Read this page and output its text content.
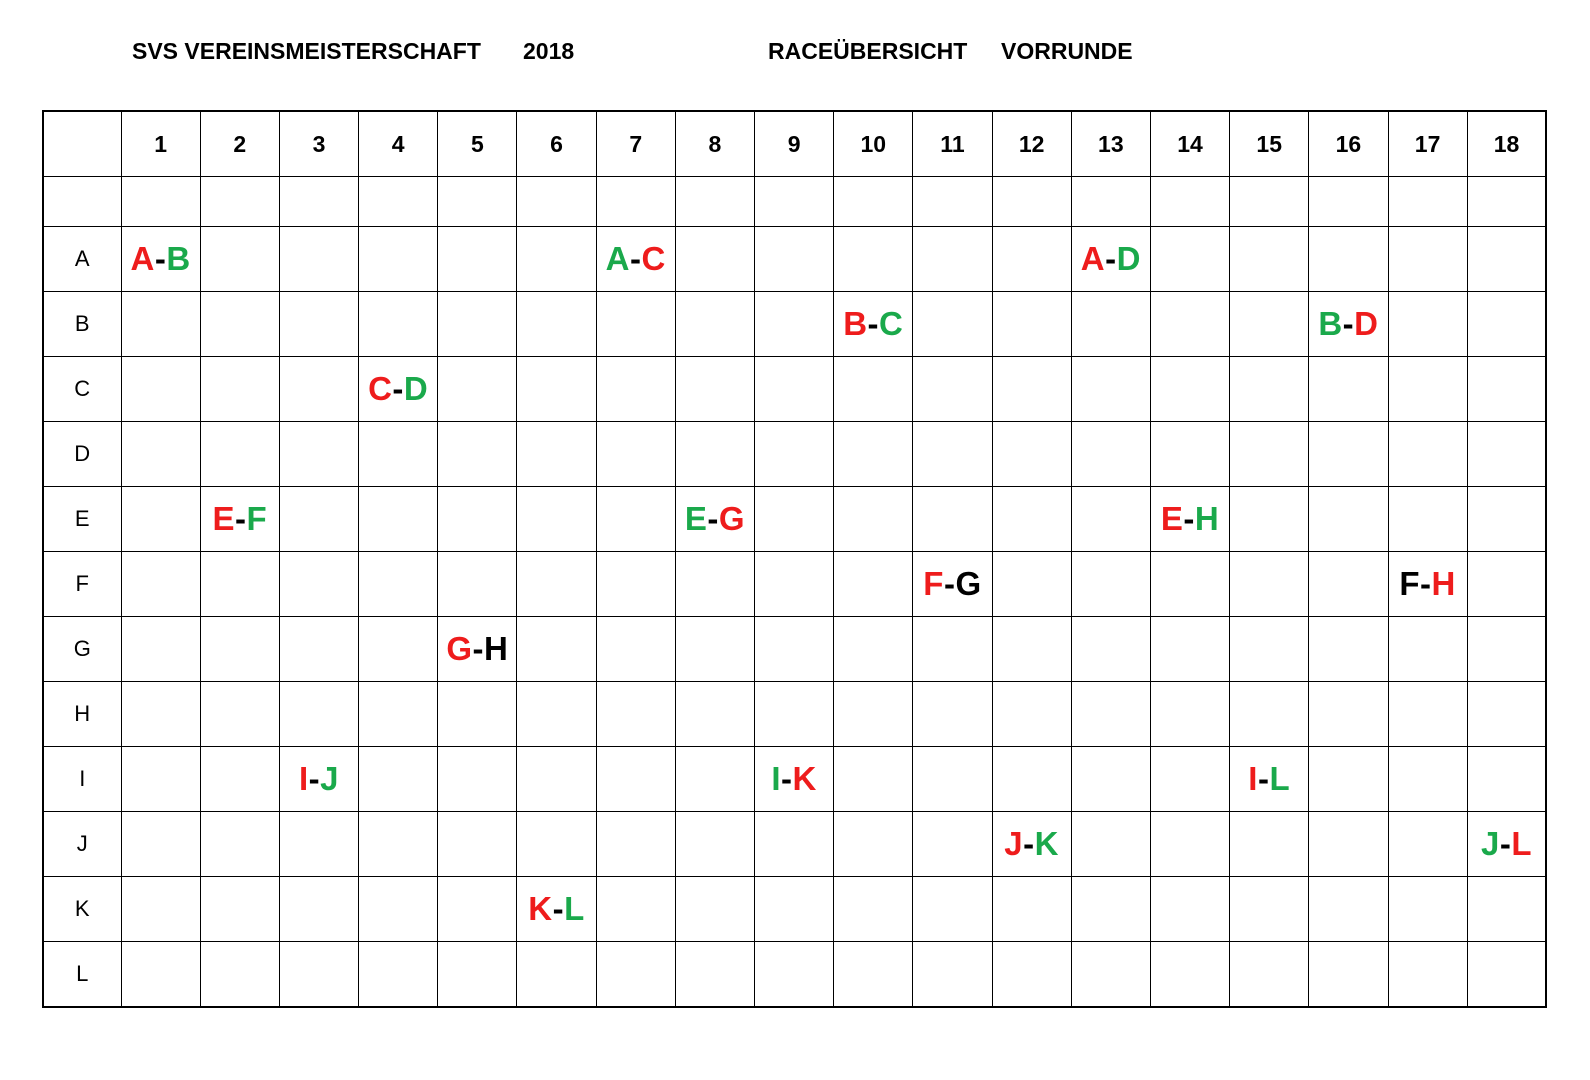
SVS VEREINSMEISTERSCHAFT 2018	RACEÜBERSICHT VORRUNDE
	1	2	3	4	5	6	7	8	9	10	11	12	13	14	15	16	17	18

A	A-B						A-C						A-D					
B										B-C						B-D		
C				C-D														
D																		
E		E-F						E-G						E-H				
F											F-G						F-H	
G					G-H													
H																		
I			I-J						I-K						I-L			
J												J-K						J-L
K						K-L												
L																		
